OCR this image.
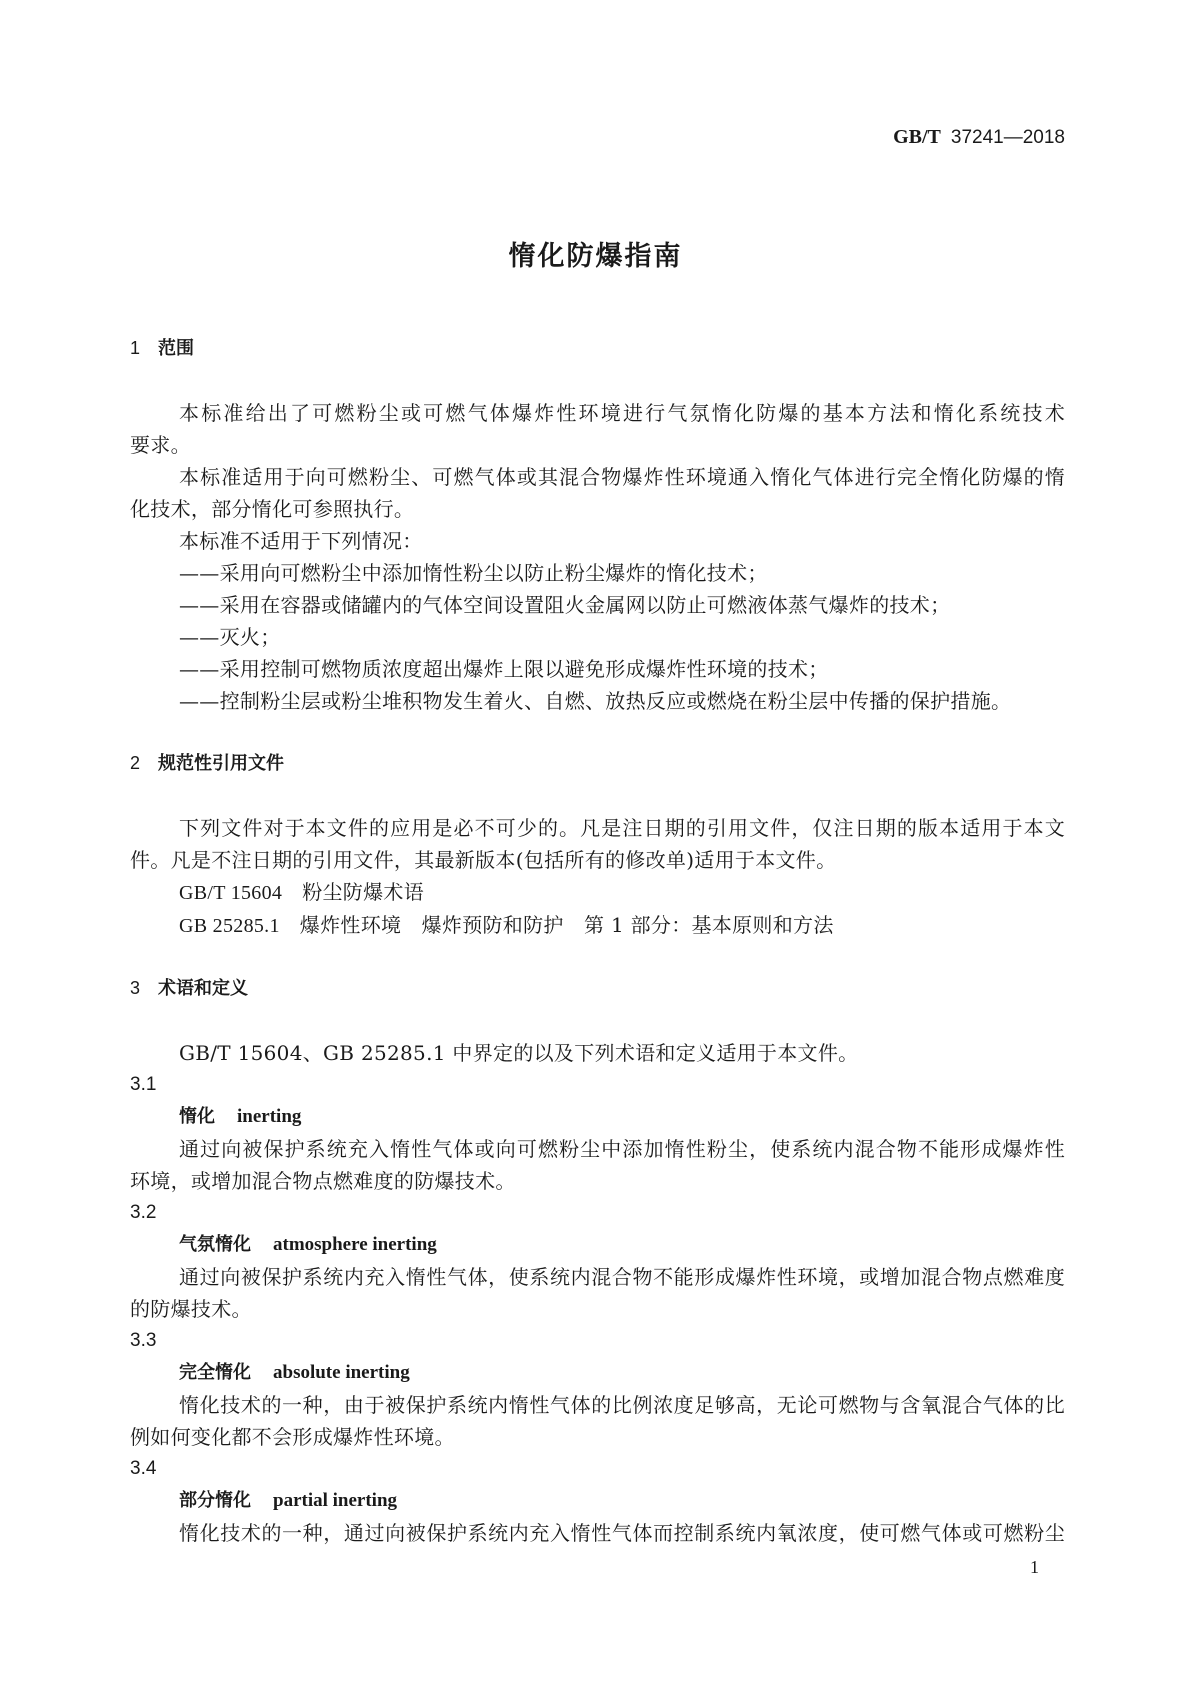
GB/T 37241—2018
惰化防爆指南
1 范围
本标准给出了可燃粉尘或可燃气体爆炸性环境进行气氛惰化防爆的基本方法和惰化系统技术
要求。
本标准适用于向可燃粉尘、可燃气体或其混合物爆炸性环境通入惰化气体进行完全惰化防爆的惰
化技术，部分惰化可参照执行。
本标准不适用于下列情况：
——采用向可燃粉尘中添加惰性粉尘以防止粉尘爆炸的惰化技术；
——采用在容器或储罐内的气体空间设置阻火金属网以防止可燃液体蒸气爆炸的技术；
——灭火；
——采用控制可燃物质浓度超出爆炸上限以避免形成爆炸性环境的技术；
——控制粉尘层或粉尘堆积物发生着火、自燃、放热反应或燃烧在粉尘层中传播的保护措施。
2 规范性引用文件
下列文件对于本文件的应用是必不可少的。凡是注日期的引用文件，仅注日期的版本适用于本文
件。凡是不注日期的引用文件，其最新版本(包括所有的修改单)适用于本文件。
GB/T 15604 粉尘防爆术语
GB 25285.1 爆炸性环境　爆炸预防和防护　第 1 部分：基本原则和方法
3 术语和定义
GB/T 15604、GB 25285.1 中界定的以及下列术语和定义适用于本文件。
3.1
惰化 inerting
通过向被保护系统充入惰性气体或向可燃粉尘中添加惰性粉尘，使系统内混合物不能形成爆炸性
环境，或增加混合物点燃难度的防爆技术。
3.2
气氛惰化 atmosphere inerting
通过向被保护系统内充入惰性气体，使系统内混合物不能形成爆炸性环境，或增加混合物点燃难度
的防爆技术。
3.3
完全惰化 absolute inerting
惰化技术的一种，由于被保护系统内惰性气体的比例浓度足够高，无论可燃物与含氧混合气体的比
例如何变化都不会形成爆炸性环境。
3.4
部分惰化 partial inerting
惰化技术的一种，通过向被保护系统内充入惰性气体而控制系统内氧浓度，使可燃气体或可燃粉尘
1
